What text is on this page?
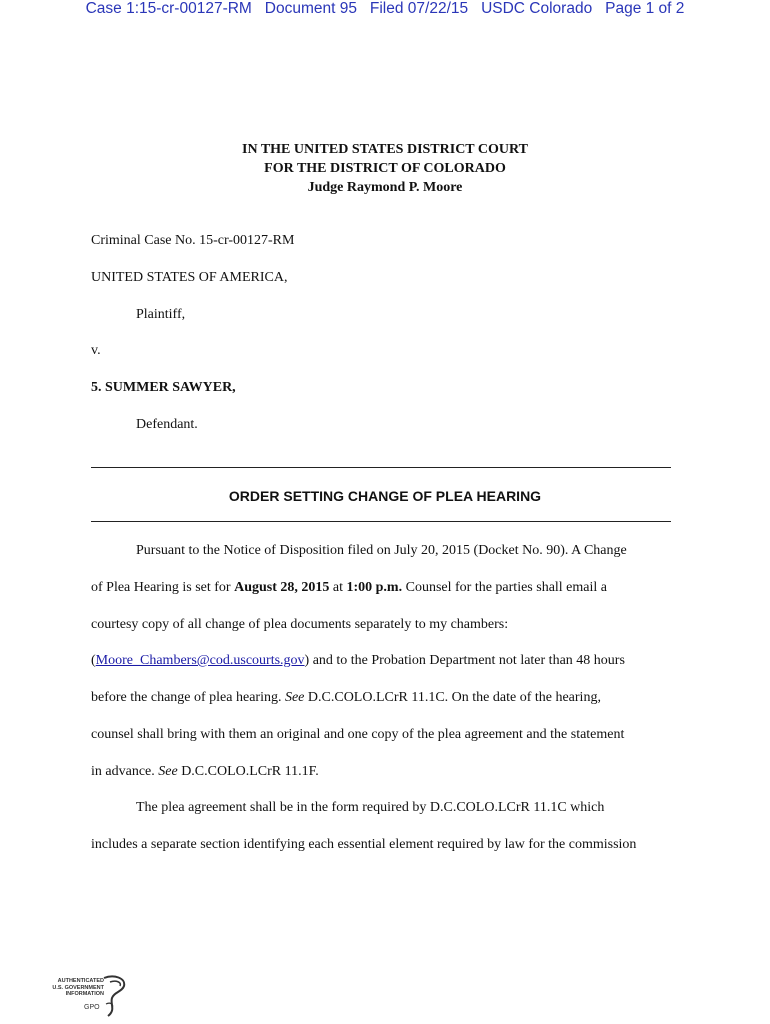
Case 1:15-cr-00127-RM Document 95 Filed 07/22/15 USDC Colorado Page 1 of 2
IN THE UNITED STATES DISTRICT COURT
FOR THE DISTRICT OF COLORADO
Judge Raymond P. Moore
Criminal Case No. 15-cr-00127-RM
UNITED STATES OF AMERICA,
Plaintiff,
v.
5. SUMMER SAWYER,
Defendant.
ORDER SETTING CHANGE OF PLEA HEARING
Pursuant to the Notice of Disposition filed on July 20, 2015 (Docket No. 90). A Change
of Plea Hearing is set for August 28, 2015 at 1:00 p.m. Counsel for the parties shall email a
courtesy copy of all change of plea documents separately to my chambers:
(Moore_Chambers@cod.uscourts.gov) and to the Probation Department not later than 48 hours
before the change of plea hearing. See D.C.COLO.LCrR 11.1C. On the date of the hearing,
counsel shall bring with them an original and one copy of the plea agreement and the statement
in advance. See D.C.COLO.LCrR 11.1F.
The plea agreement shall be in the form required by D.C.COLO.LCrR 11.1C which
includes a separate section identifying each essential element required by law for the commission
AUTHENTICATED
U.S. GOVERNMENT
INFORMATION
GPO
